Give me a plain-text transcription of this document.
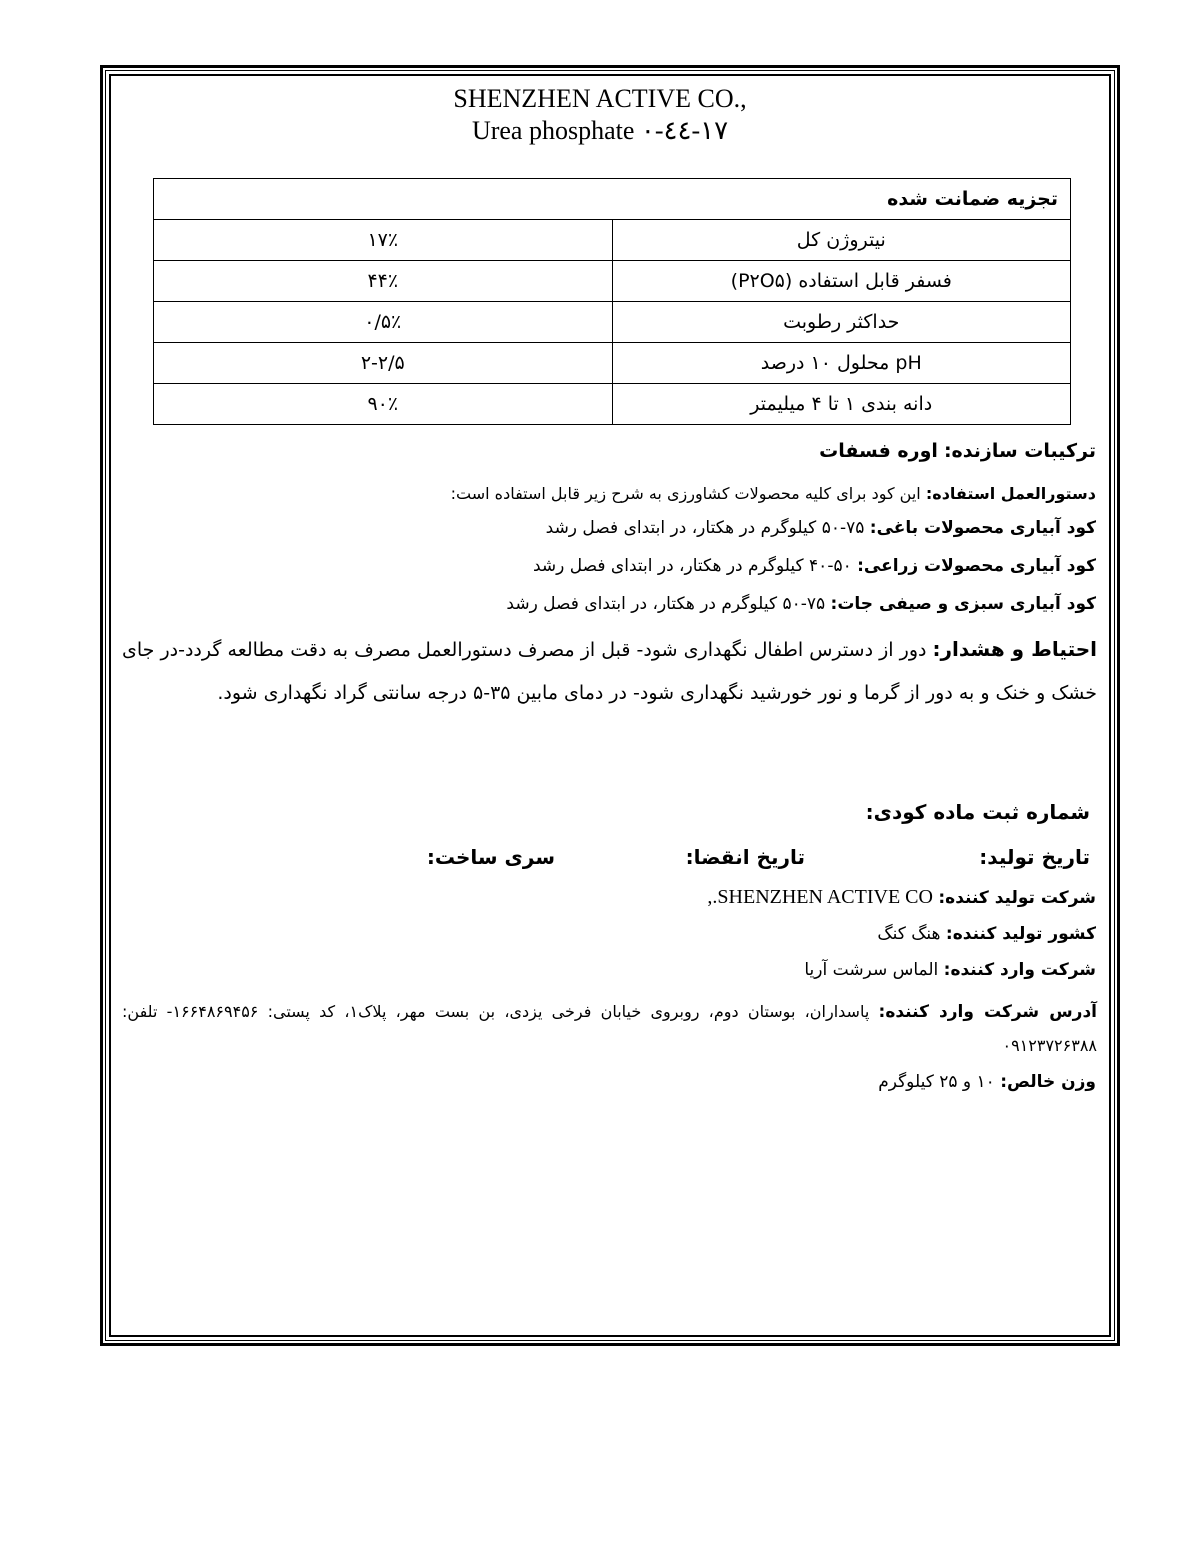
SHENZHEN ACTIVE CO.,
Urea phosphate ١٧-٤٤-٠
تجزیه ضمانت شده	
۱۷٪	نیتروژن کل
۴۴٪	فسفر قابل استفاده (P۲O۵)
۰/۵٪	حداکثر رطوبت
۲-۲/۵	pH محلول ۱۰ درصد
۹۰٪	دانه بندی ۱ تا ۴ میلیمتر
ترکیبات سازنده: اوره فسفات
دستورالعمل استفاده: این کود برای کلیه محصولات کشاورزی به شرح زیر قابل استفاده است:
کود آبیاری محصولات باغی: ۷۵-۵۰ کیلوگرم در هکتار، در ابتدای فصل رشد
کود آبیاری محصولات زراعی: ۵۰-۴۰ کیلوگرم در هکتار، در ابتدای فصل رشد
کود آبیاری سبزی و صیفی جات: ۷۵-۵۰ کیلوگرم در هکتار، در ابتدای فصل رشد
احتیاط و هشدار: دور از دسترس اطفال نگهداری شود- قبل از مصرف دستورالعمل مصرف به دقت مطالعه گردد-در جای خشک و خنک و به دور از گرما و نور خورشید نگهداری شود- در دمای مابین ۳۵-۵ درجه سانتی گراد نگهداری شود.
شماره ثبت ماده کودی:
تاریخ تولید:
تاریخ انقضا:
سری ساخت:
شرکت تولید کننده: SHENZHEN ACTIVE CO.,
کشور تولید کننده: هنگ کنگ
شرکت وارد کننده: الماس سرشت آریا
آدرس شرکت وارد کننده: پاسداران، بوستان دوم، روبروی خیابان فرخی یزدی، بن بست مهر، پلاک۱، کد پستی: ۱۶۶۴۸۶۹۴۵۶- تلفن: ۰۹۱۲۳۷۲۶۳۸۸
وزن خالص: ۱۰ و ۲۵ کیلوگرم
